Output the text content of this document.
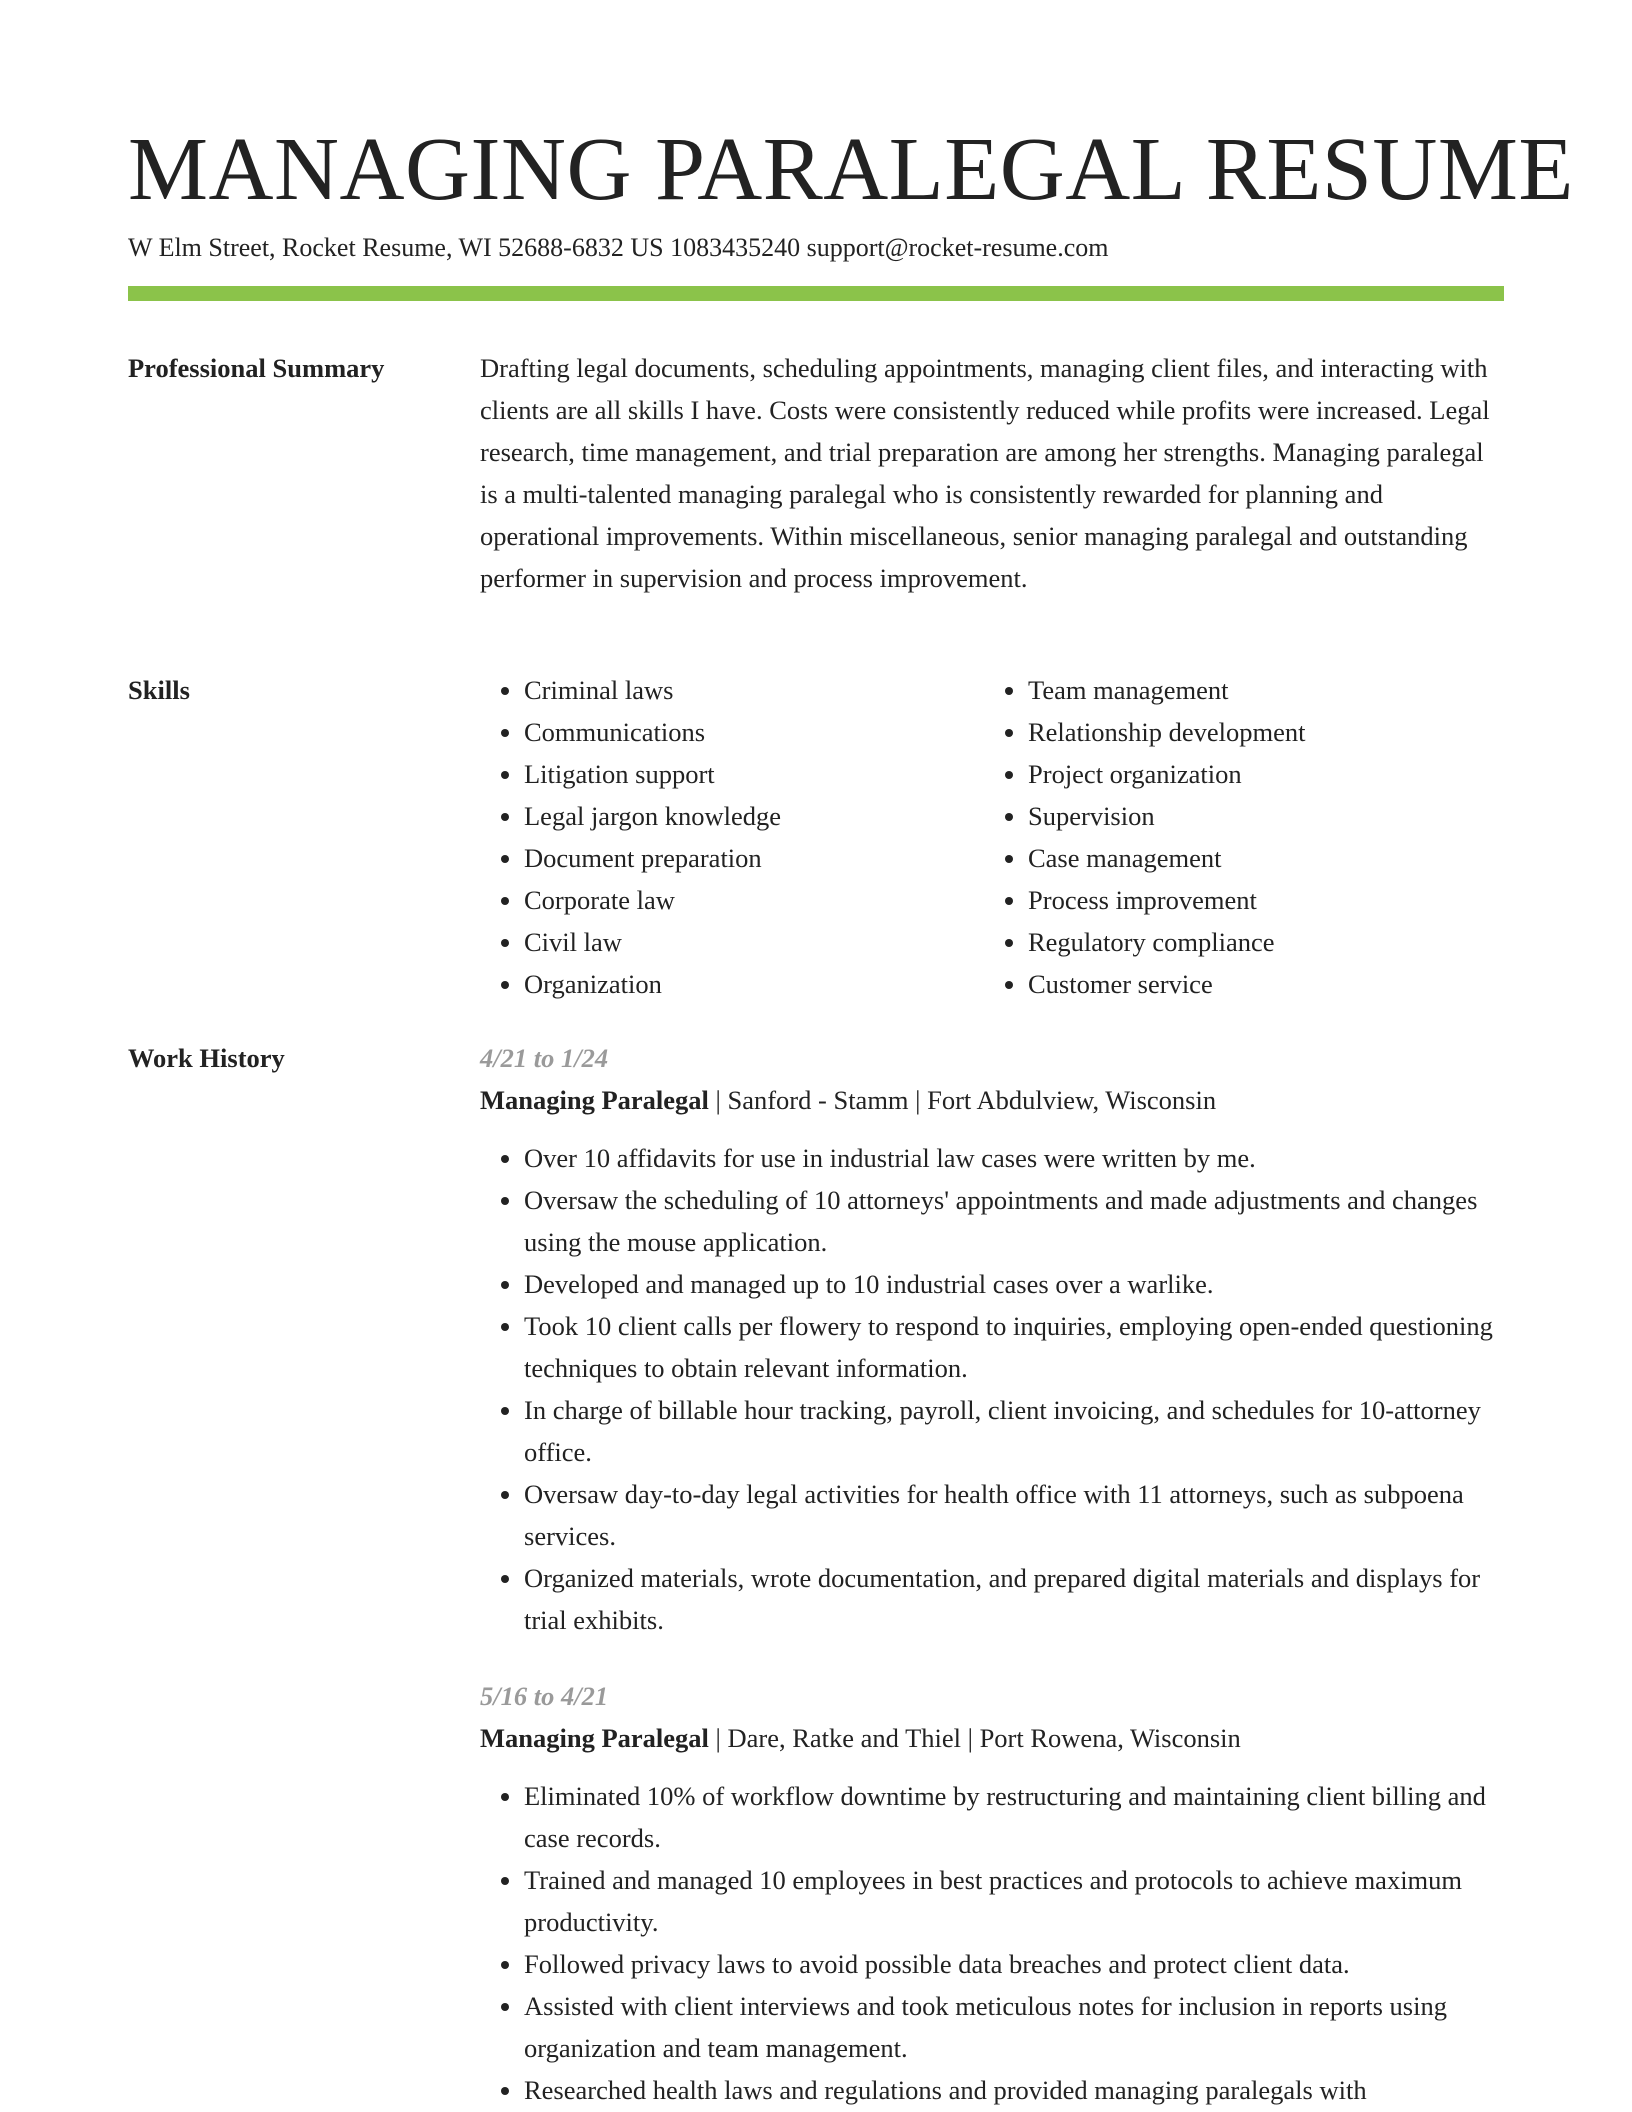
MANAGING PARALEGAL RESUME
W Elm Street, Rocket Resume, WI 52688-6832 US 1083435240 support@rocket-resume.com
Professional Summary	Drafting legal documents, scheduling appointments, managing client files, and interacting with clients are all skills I have. Costs were consistently reduced while profits were increased. Legal research, time management, and trial preparation are among her strengths. Managing paralegal is a multi-talented managing paralegal who is consistently rewarded for planning and operational improvements. Within miscellaneous, senior managing paralegal and outstanding performer in supervision and process improvement.

Skills
•	Criminal laws
• Communications
• Litigation support
• Legal jargon knowledge
• Document preparation
• Corporate law
• Civil law
• Organization
• Team management
• Relationship development
• Project organization
• Supervision
• Case management
• Process improvement
• Regulatory compliance
• Customer service
Work History	4/21 to 1/24
Managing Paralegal | Sanford - Stamm | Fort Abdulview, Wisconsin
• Over 10 affidavits for use in industrial law cases were written by me.
• Oversaw the scheduling of 10 attorneys' appointments and made adjustments and changes using the mouse application.
• Developed and managed up to 10 industrial cases over a warlike.
• Took 10 client calls per flowery to respond to inquiries, employing open-ended questioning techniques to obtain relevant information.
• In charge of billable hour tracking, payroll, client invoicing, and schedules for 10-attorney office.
• Oversaw day-to-day legal activities for health office with 11 attorneys, such as subpoena services.
• Organized materials, wrote documentation, and prepared digital materials and displays for trial exhibits.
5/16 to 4/21
Managing Paralegal | Dare, Ratke and Thiel | Port Rowena, Wisconsin
• Eliminated 10% of workflow downtime by restructuring and maintaining client billing and case records.
• Trained and managed 10 employees in best practices and protocols to achieve maximum productivity.
• Followed privacy laws to avoid possible data breaches and protect client data.
• Assisted with client interviews and took meticulous notes for inclusion in reports using organization and team management.
• Researched health laws and regulations and provided managing paralegals with
